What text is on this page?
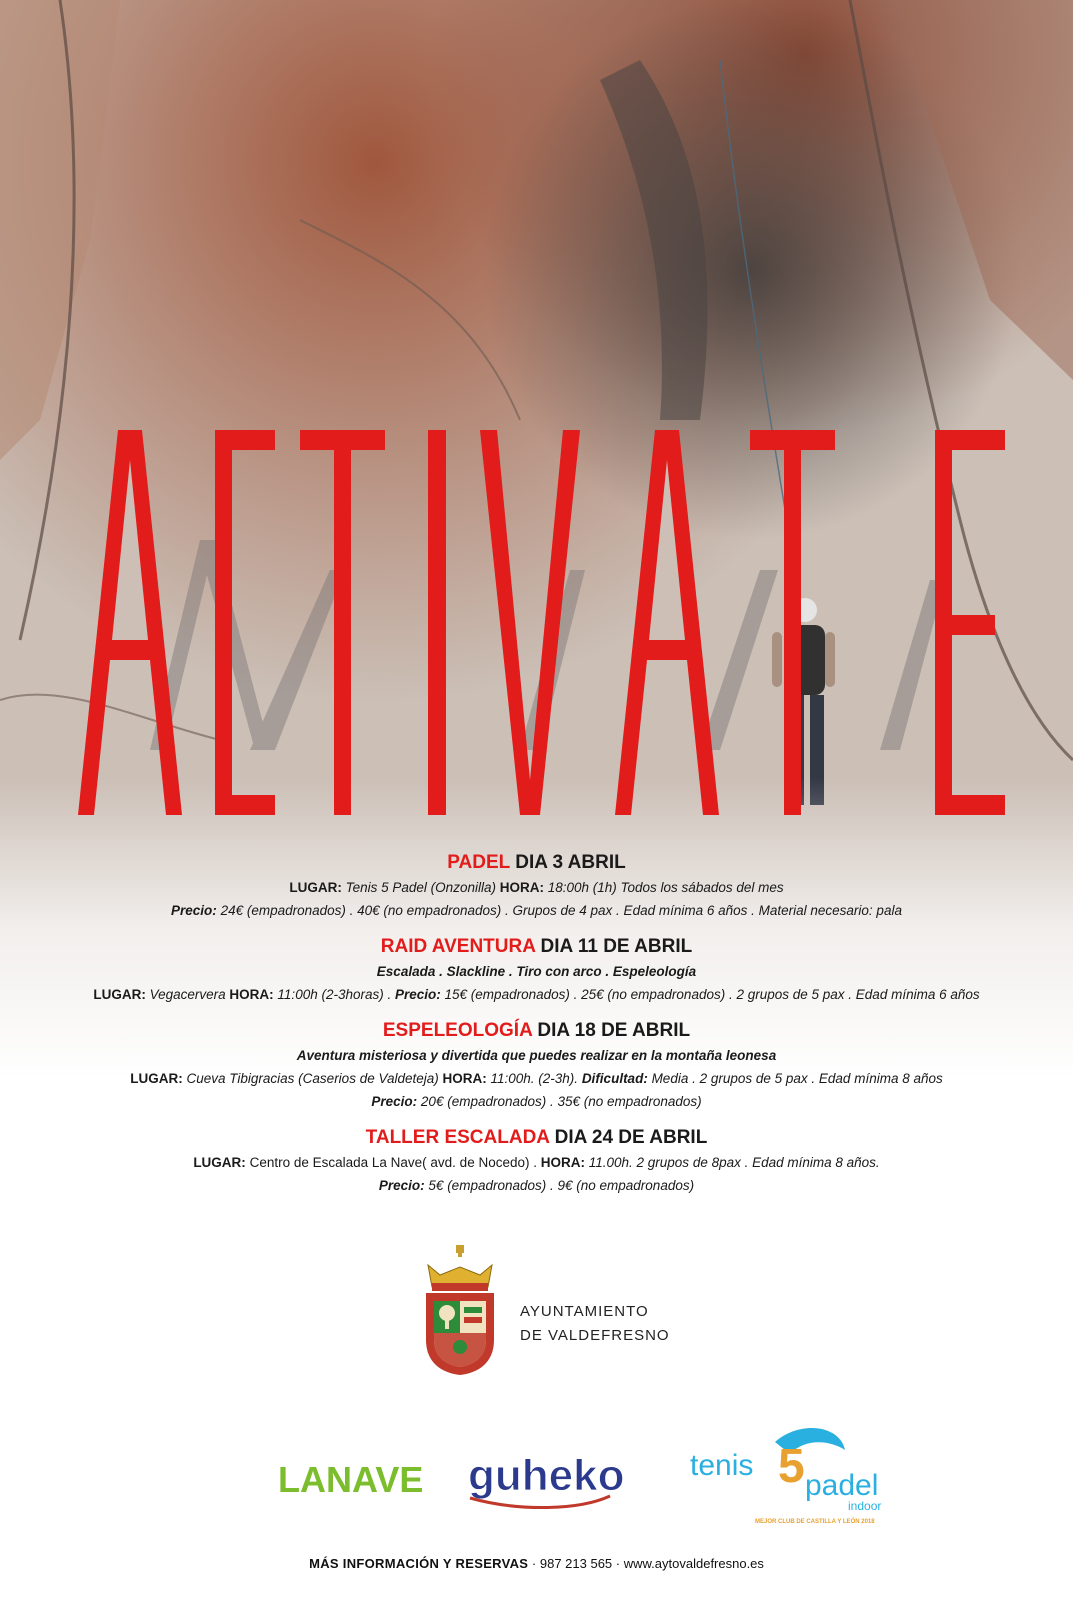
PADEL DIA 3 ABRIL

LUGAR: Tenis 5 Padel (Onzonilla) HORA: 18:00h (1h) Todos los sábados del mes

Precio: 24€ (empadronados) . 40€ (no empadronados) . Grupos de 4 pax . Edad mínima 6 años . Material necesario: pala

RAID AVENTURA DIA 11 DE ABRIL

Escalada . Slackline . Tiro con arco . Espeleología

LUGAR: Vegacervera HORA: 11:00h (2-3horas) . Precio: 15€ (empadronados) . 25€ (no empadronados) . 2 grupos de 5 pax . Edad mínima 6 años

ESPELEOLOGÍA DIA 18 DE ABRIL

Aventura misteriosa y divertida que puedes realizar en la montaña leonesa

LUGAR: Cueva Tibigracias (Caserios de Valdeteja) HORA: 11:00h. (2-3h). Dificultad: Media . 2 grupos de 5 pax . Edad mínima 8 años

Precio: 20€ (empadronados) . 35€ (no empadronados)

TALLER ESCALADA DIA 24 DE ABRIL

LUGAR: Centro de Escalada La Nave( avd. de Nocedo) . HORA: 11.00h. 2 grupos de 8pax . Edad mínima 8 años.

Precio: 5€ (empadronados) . 9€ (no empadronados)

AYUNTAMIENTO
DE VALDEFRESNO
LANAVE guheko tenis 5 padel
indoor
MEJOR CLUB DE CASTILLA Y LEÓN 2018
MÁS INFORMACIÓN Y RESERVAS · 987 213 565 · www.aytovaldefresno.es
